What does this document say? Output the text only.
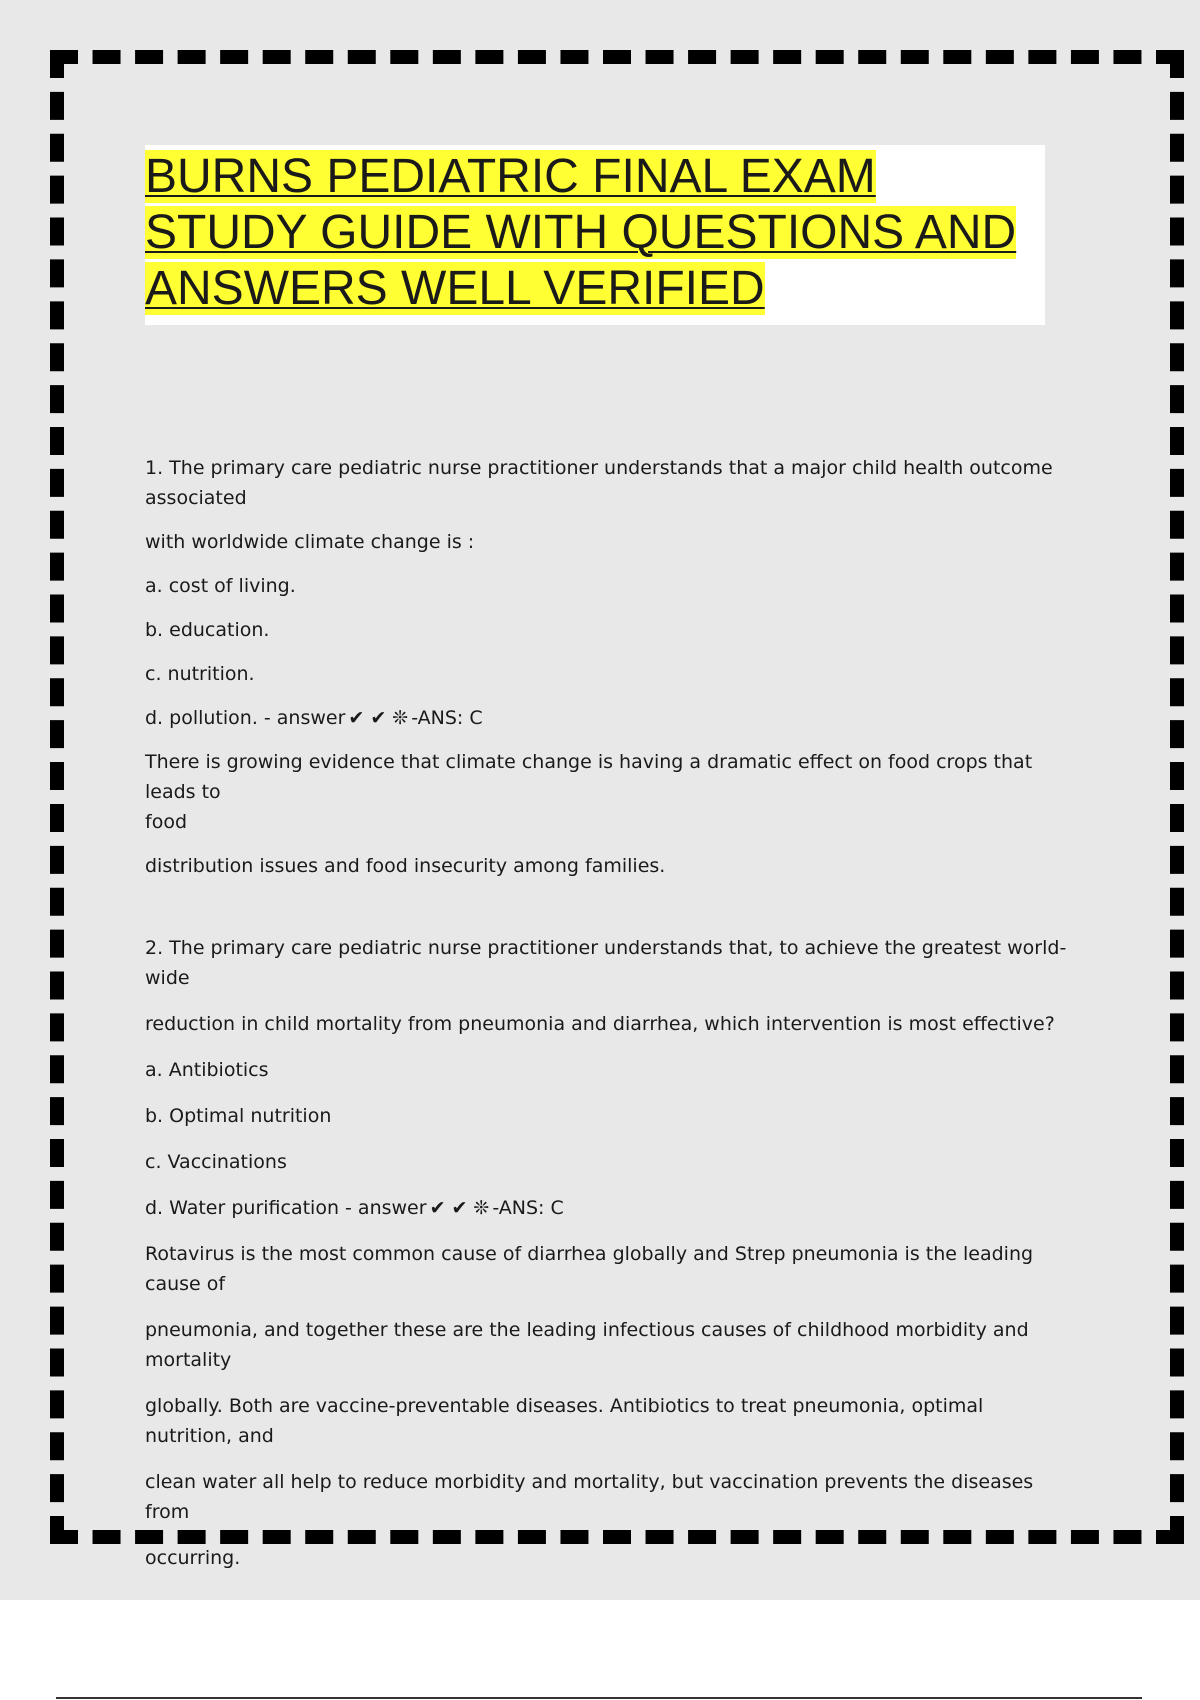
BURNS PEDIATRIC FINAL EXAM
STUDY GUIDE WITH QUESTIONS AND
ANSWERS WELL VERIFIED

1. The primary care pediatric nurse practitioner understands that a major child health outcome

associated

with worldwide climate change is :

a. cost of living.

b. education.

c. nutrition.

d. pollution. - answer ✔ ✔ ❊ -ANS: C

There is growing evidence that climate change is having a dramatic effect on food crops that leads to

food

distribution issues and food insecurity among families.

2. The primary care pediatric nurse practitioner understands that, to achieve the greatest world-wide

reduction in child mortality from pneumonia and diarrhea, which intervention is most effective?

a. Antibiotics

b. Optimal nutrition

c. Vaccinations

d. Water purification - answer ✔ ✔ ❊ -ANS: C

Rotavirus is the most common cause of diarrhea globally and Strep pneumonia is the leading cause of

pneumonia, and together these are the leading infectious causes of childhood morbidity and mortality

globally. Both are vaccine-preventable diseases. Antibiotics to treat pneumonia, optimal nutrition, and

clean water all help to reduce morbidity and mortality, but vaccination prevents the diseases from

occurring.
